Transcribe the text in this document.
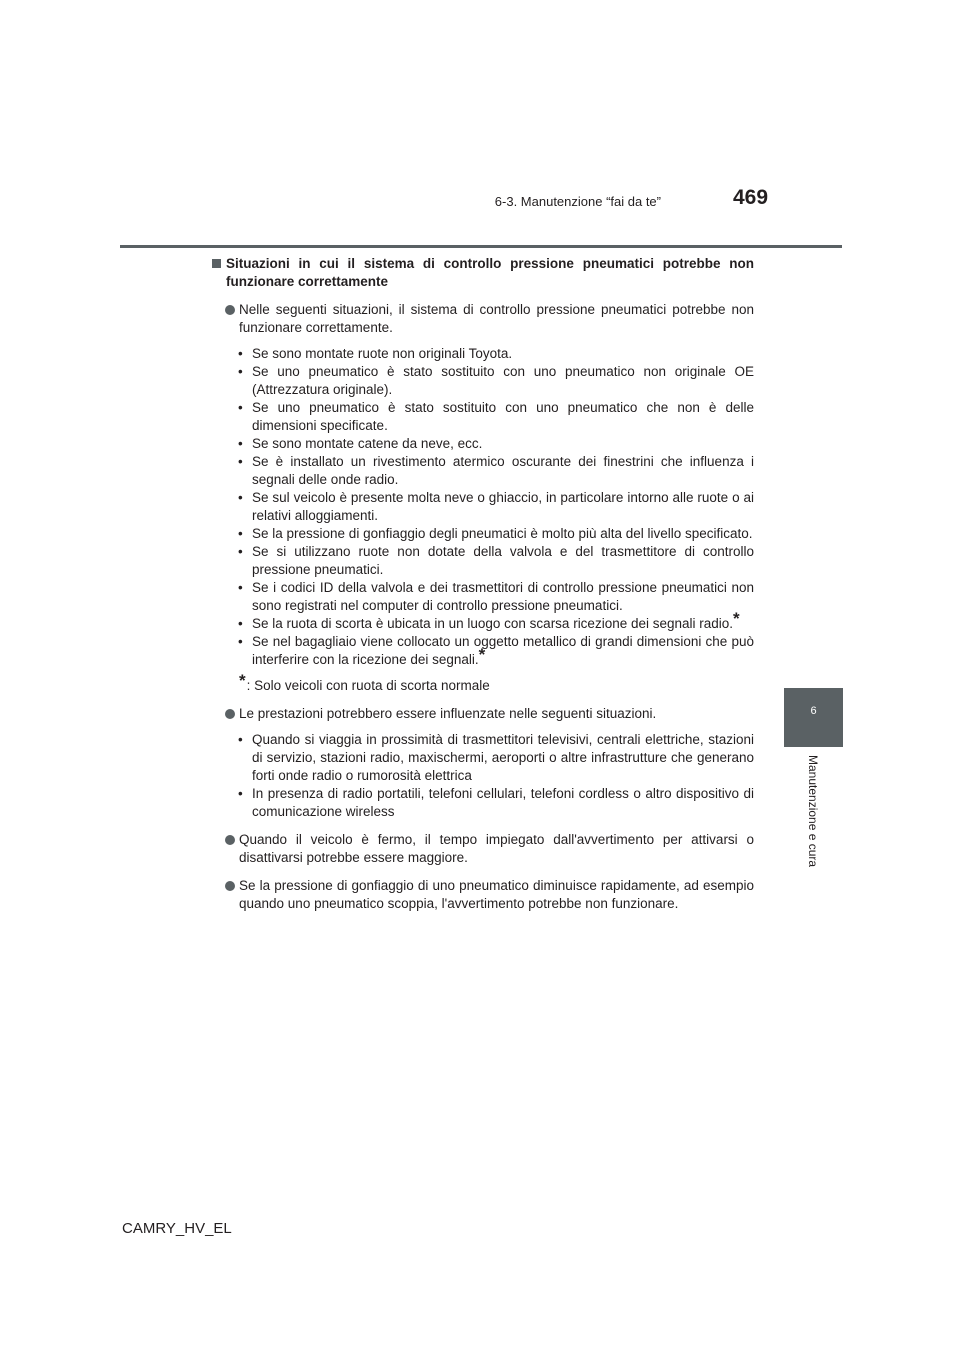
6-3. Manutenzione “fai da te”	469
6
Manutenzione e cura

Situazioni in cui il sistema di controllo pressione pneumatici potrebbe non funzionare correttamente

Nelle seguenti situazioni, il sistema di controllo pressione pneumatici potrebbe non funzionare correttamente.

• Se sono montate ruote non originali Toyota.
• Se uno pneumatico è stato sostituito con uno pneumatico non originale OE (Attrezzatura originale).
• Se uno pneumatico è stato sostituito con uno pneumatico che non è delle dimensioni specificate.
• Se sono montate catene da neve, ecc.
• Se è installato un rivestimento atermico oscurante dei finestrini che influenza i segnali delle onde radio.
• Se sul veicolo è presente molta neve o ghiaccio, in particolare intorno alle ruote o ai relativi alloggiamenti.
• Se la pressione di gonfiaggio degli pneumatici è molto più alta del livello specificato.
• Se si utilizzano ruote non dotate della valvola e del trasmettitore di controllo pressione pneumatici.
• Se i codici ID della valvola e dei trasmettitori di controllo pressione pneumatici non sono registrati nel computer di controllo pressione pneumatici.
• Se la ruota di scorta è ubicata in un luogo con scarsa ricezione dei segnali radio.*
• Se nel bagagliaio viene collocato un oggetto metallico di grandi dimensioni che può interferire con la ricezione dei segnali.*
*: Solo veicoli con ruota di scorta normale

Le prestazioni potrebbero essere influenzate nelle seguenti situazioni.

• Quando si viaggia in prossimità di trasmettitori televisivi, centrali elettriche, stazioni di servizio, stazioni radio, maxischermi, aeroporti o altre infrastrutture che generano forti onde radio o rumorosità elettrica
• In presenza di radio portatili, telefoni cellulari, telefoni cordless o altro dispositivo di comunicazione wireless

Quando il veicolo è fermo, il tempo impiegato dall'avvertimento per attivarsi o disattivarsi potrebbe essere maggiore.

Se la pressione di gonfiaggio di uno pneumatico diminuisce rapidamente, ad esempio quando uno pneumatico scoppia, l'avvertimento potrebbe non funzionare.

CAMRY_HV_EL
